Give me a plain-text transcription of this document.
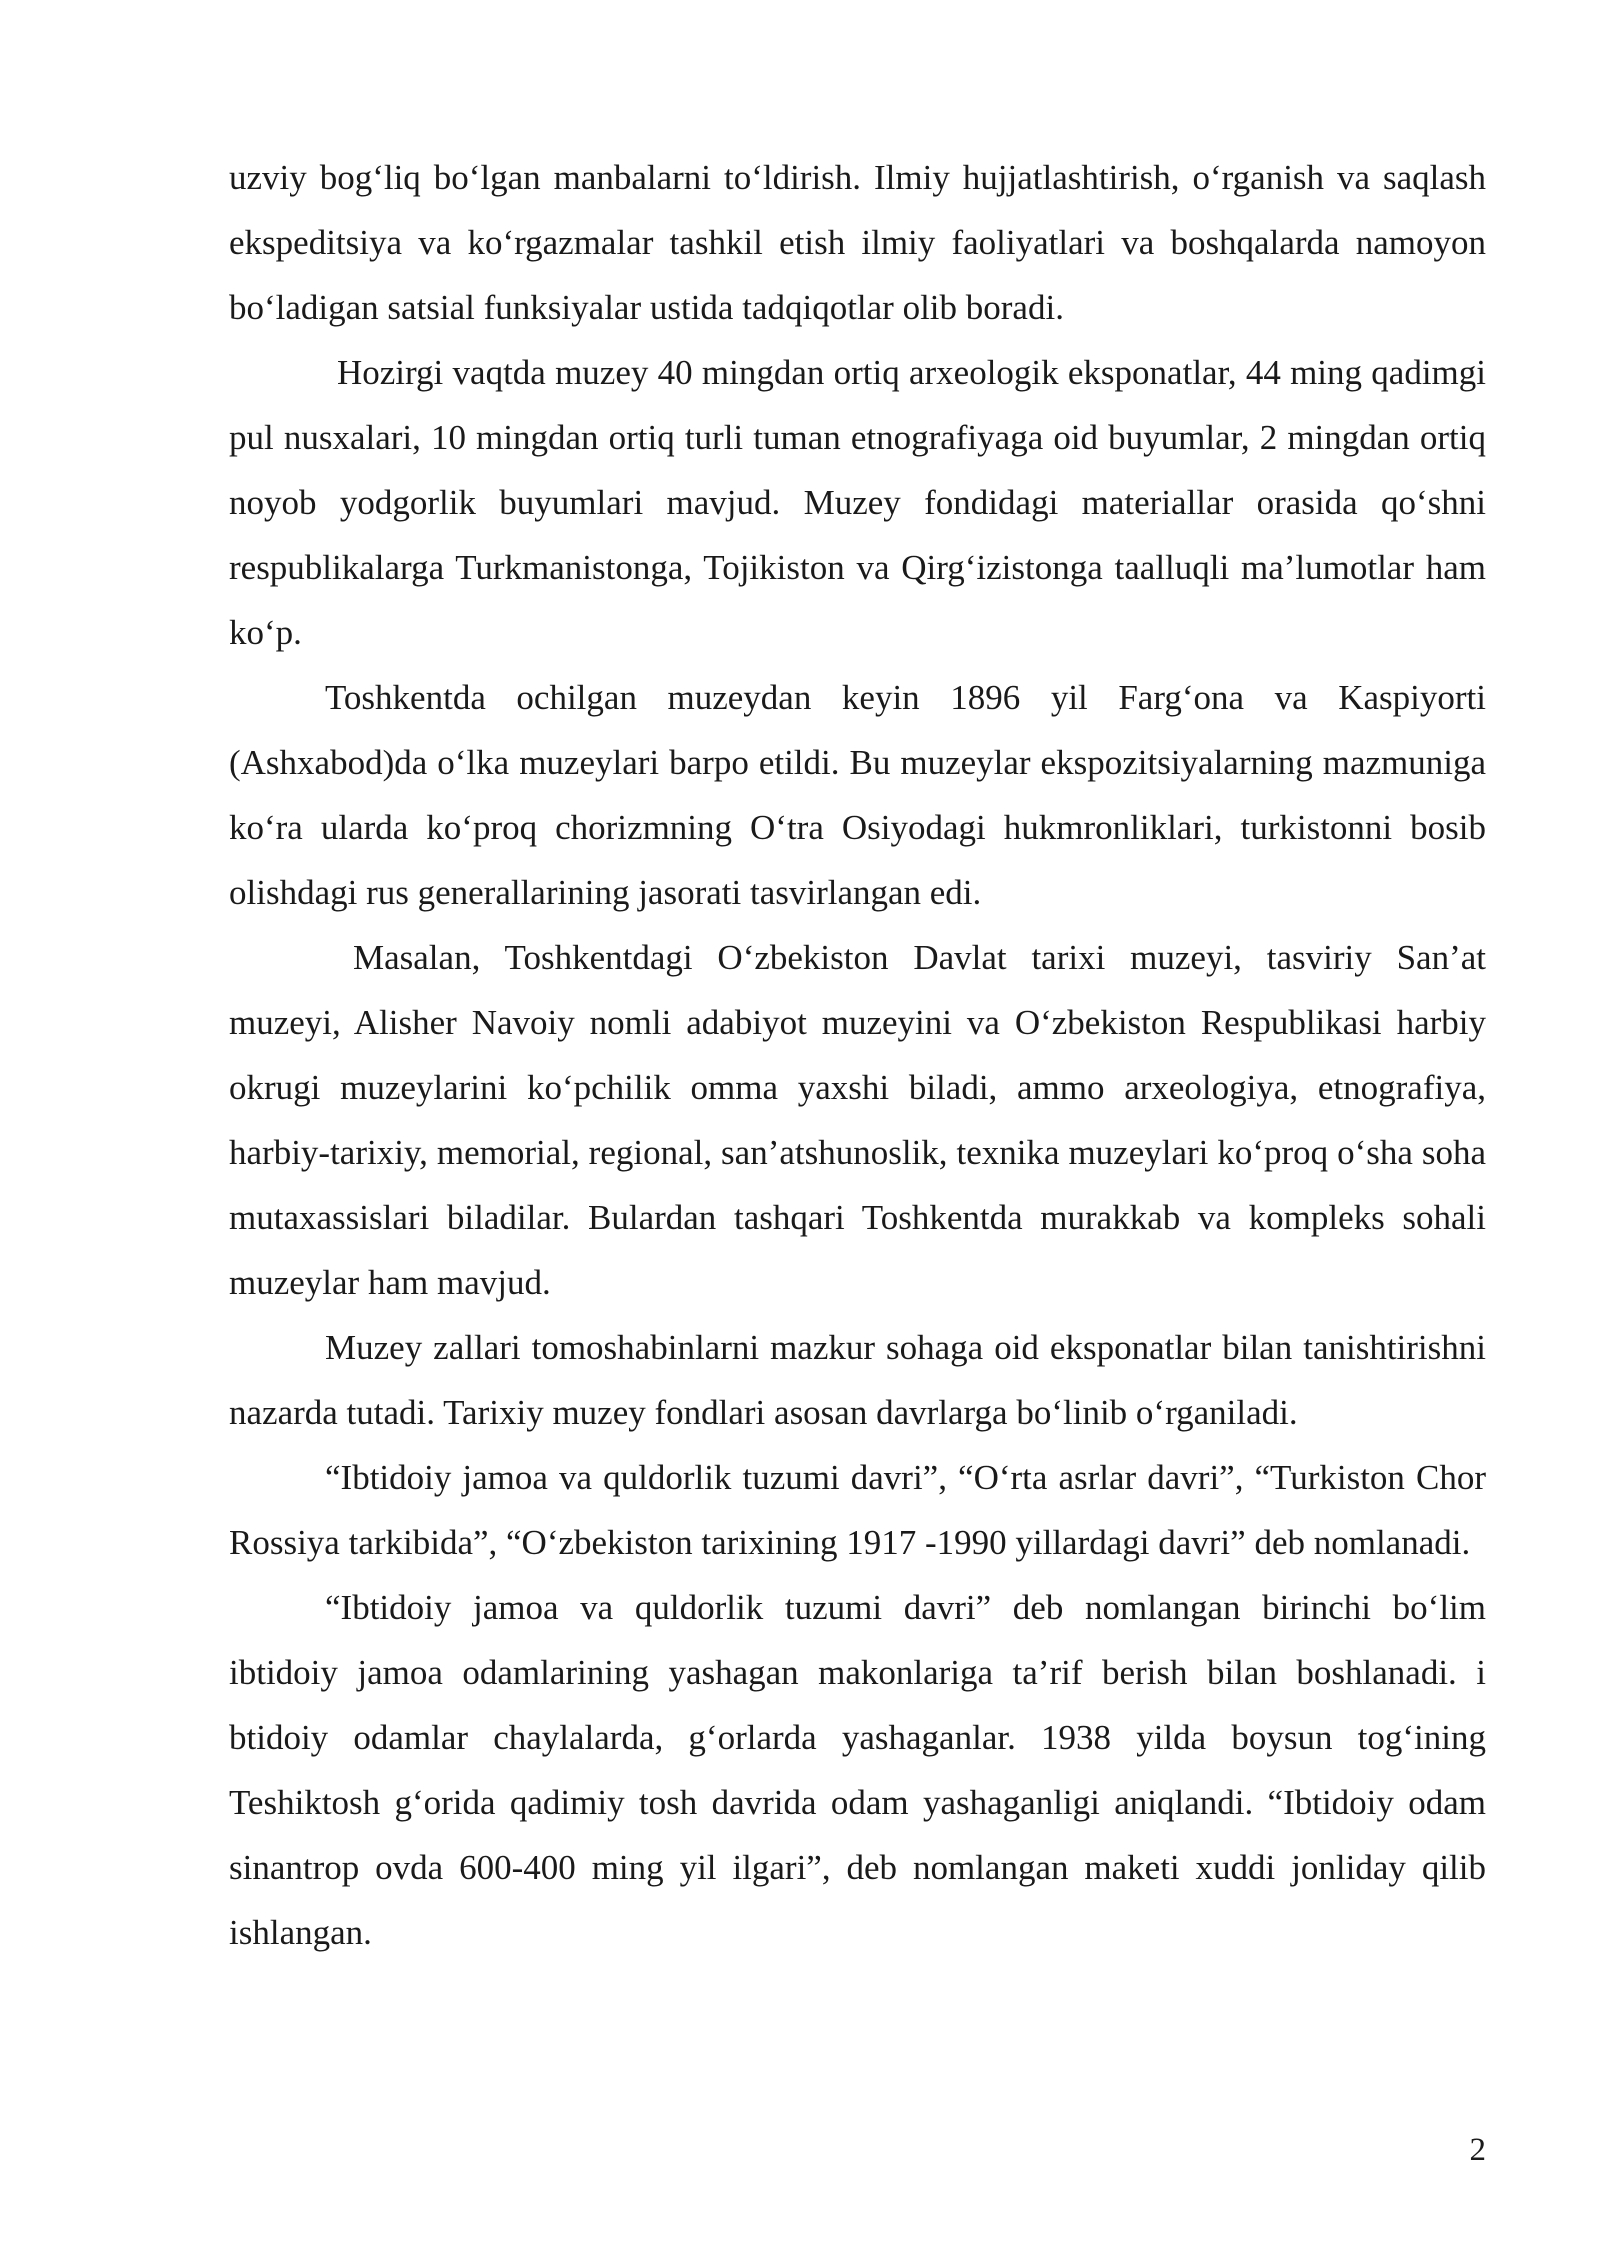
uzviy bog‘liq bo‘lgan manbalarni to‘ldirish. Ilmiy hujjatlashtirish, o‘rganish va saqlash ekspeditsiya va ko‘rgazmalar tashkil etish ilmiy faoliyatlari va boshqalarda namoyon bo‘ladigan satsial funksiyalar ustida tadqiqotlar olib boradi.

Hozirgi vaqtda muzey 40 mingdan ortiq arxeologik eksponatlar, 44 ming qadimgi pul nusxalari, 10 mingdan ortiq turli tuman etnografiyaga oid buyumlar, 2 mingdan ortiq noyob yodgorlik buyumlari mavjud. Muzey fondidagi materiallar orasida qo‘shni respublikalarga Turkmanistonga, Tojikiston va Qirg‘izistonga taalluqli ma’lumotlar ham ko‘p.

Toshkentda ochilgan muzeydan keyin 1896 yil Farg‘ona va Kaspiyorti (Ashxabod)da o‘lka muzeylari barpo etildi. Bu muzeylar ekspozitsiyalarning mazmuniga ko‘ra ularda ko‘proq chorizmning O‘tra Osiyodagi hukmronliklari, turkistonni bosib olishdagi rus generallarining jasorati tasvirlangan edi.

Masalan, Toshkentdagi O‘zbekiston Davlat tarixi muzeyi, tasviriy San’at muzeyi, Alisher Navoiy nomli adabiyot muzeyini va O‘zbekiston Respublikasi harbiy okrugi muzeylarini ko‘pchilik omma yaxshi biladi, ammo arxeologiya, etnografiya, harbiy-tarixiy, memorial, regional, san’atshunoslik, texnika muzeylari ko‘proq o‘sha soha mutaxassislari biladilar. Bulardan tashqari Toshkentda murakkab va kompleks sohali muzeylar ham mavjud.

Muzey zallari tomoshabinlarni mazkur sohaga oid eksponatlar bilan tanishtirishni nazarda tutadi. Tarixiy muzey fondlari asosan davrlarga bo‘linib o‘rganiladi.

“Ibtidoiy jamoa va quldorlik tuzumi davri”, “O‘rta asrlar davri”, “Turkiston Chor Rossiya tarkibida”, “O‘zbekiston tarixining 1917 -1990 yillardagi davri” deb nomlanadi.

“Ibtidoiy jamoa va quldorlik tuzumi davri” deb nomlangan birinchi bo‘lim ibtidoiy jamoa odamlarining yashagan makonlariga ta’rif berish bilan boshlanadi. i btidoiy odamlar chaylalarda, g‘orlarda yashaganlar. 1938 yilda boysun tog‘ining Teshiktosh g‘orida qadimiy tosh davrida odam yashaganligi aniqlandi. “Ibtidoiy odam sinantrop ovda 600-400 ming yil ilgari”, deb nomlangan maketi xuddi jonliday qilib ishlangan.

2
